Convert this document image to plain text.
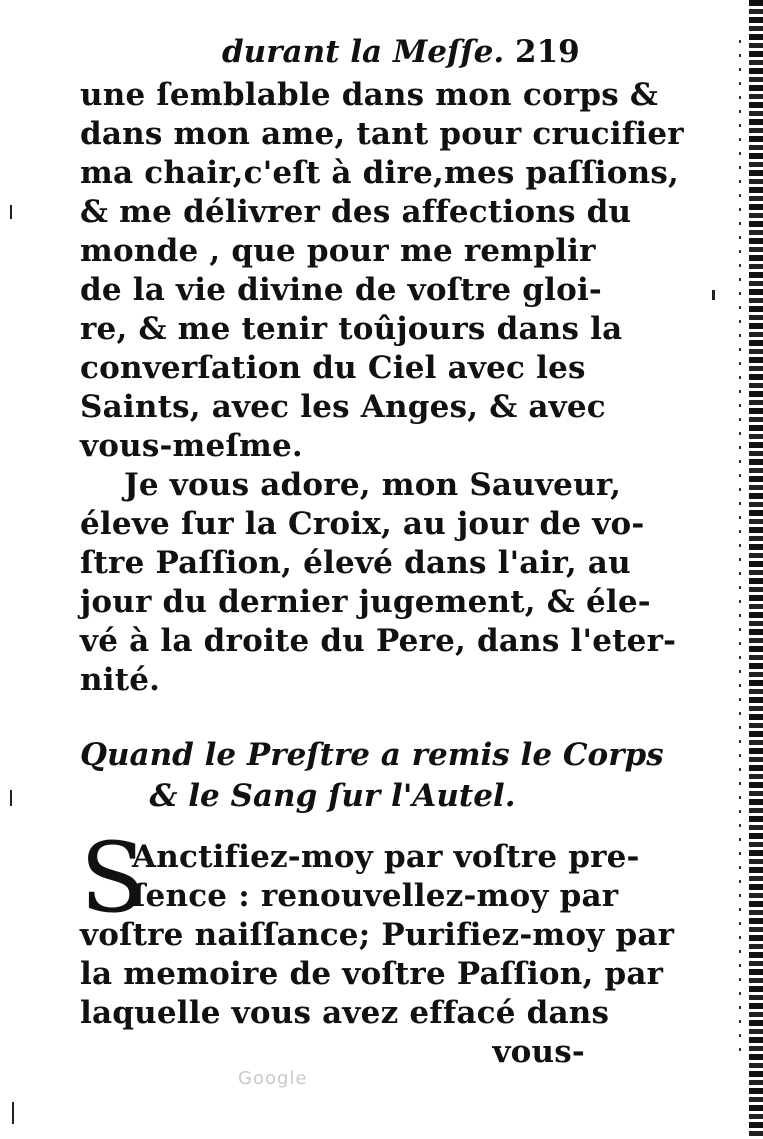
durant la Meſſe. 219
une ſemblable dans mon corps &
dans mon ame, tant pour crucifier
ma chair,c'eſt à dire,mes paſſions,
& me délivrer des affections du
monde , que pour me remplir
de la vie divine de voſtre gloi-
re, & me tenir toûjours dans la
converſation du Ciel avec les
Saints, avec les Anges, & avec
vous-meſme.
Je vous adore, mon Sauveur,
éleve ſur la Croix, au jour de vo-
ſtre Paſſion, élevé dans l'air, au
jour du dernier jugement, & éle-
vé à la droite du Pere, dans l'eter-
nité.
Quand le Preſtre a remis le Corps
& le Sang ſur l'Autel.
S
Anctifiez-moy par voſtre pre-
ſence : renouvellez-moy par
voſtre naiſſance; Purifiez-moy par
la memoire de voſtre Paſſion, par
laquelle vous avez effacé dans
vous-
Google
